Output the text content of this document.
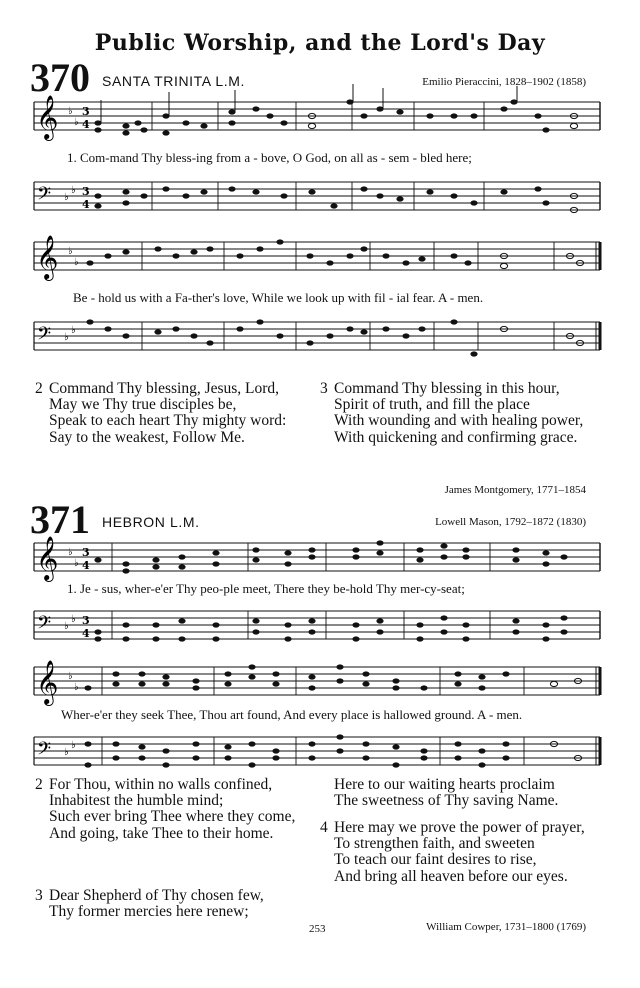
Public Worship, and the Lord's Day
370 SANTA TRINITA L.M.	Emilio Pieraccini, 1828–1902 (1858)
𝄞 ♭
♭
3
4
1. Com-mand Thy bless-ing from a - bove, O God, on all as - sem - bled here;
𝄢 ♭
♭ 3
4
𝄞 ♭
♭
Be - hold us with a Fa-ther's love, While we look up with fil - ial fear. A - men.
𝄢 ♭
♭
2 Command Thy blessing, Jesus, Lord,
May we Thy true disciples be,
Speak to each heart Thy mighty word:
Say to the weakest, Follow Me.
3 Command Thy blessing in this hour,
Spirit of truth, and fill the place
With wounding and with healing power,
With quickening and confirming grace.
James Montgomery, 1771–1854
371 HEBRON L.M.	Lowell Mason, 1792–1872 (1830)
𝄞 ♭
♭
3
4
1. Je - sus, wher-e'er Thy peo-ple meet, There they be-hold Thy mer-cy-seat;
𝄢 ♭
♭ 3
4
𝄞 ♭
♭
Wher-e'er they seek Thee, Thou art found, And every place is hallowed ground. A - men.
𝄢 ♭
♭
2 For Thou, within no walls confined,
Inhabitest the humble mind;
Such ever bring Thee where they come,
And going, take Thee to their home.
3 Dear Shepherd of Thy chosen few,
Thy former mercies here renew;
Here to our waiting hearts proclaim
The sweetness of Thy saving Name.
4 Here may we prove the power of prayer,
To strengthen faith, and sweeten
To teach our faint desires to rise,
And bring all heaven before our eyes.
253	William Cowper, 1731–1800 (1769)
